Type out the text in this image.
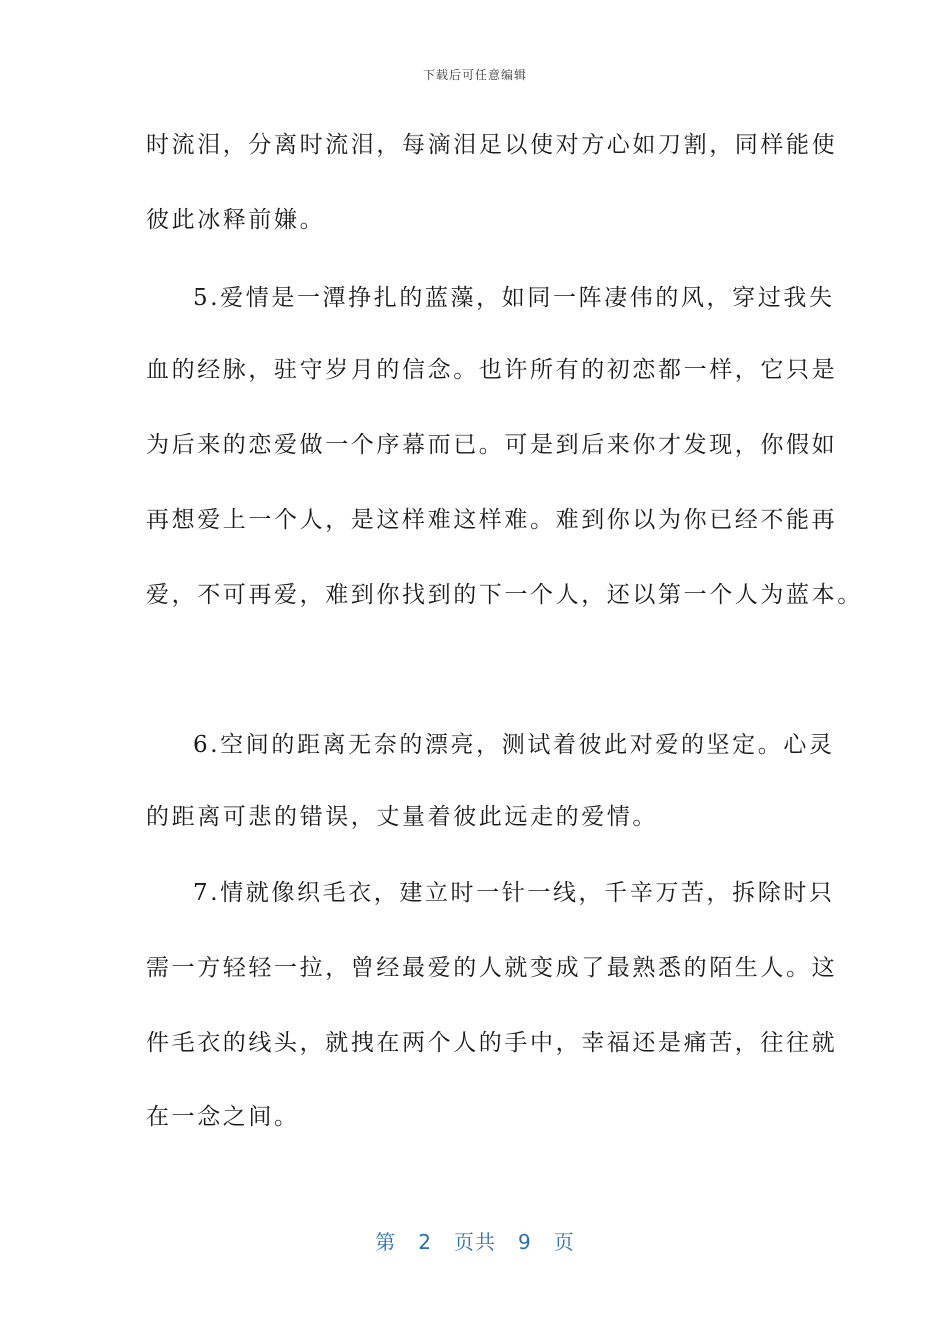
下载后可任意编辑
时流泪，分离时流泪，每滴泪足以使对方心如刀割，同样能使
彼此冰释前嫌。
5.爱情是一潭挣扎的蓝藻，如同一阵凄伟的风，穿过我失
血的经脉，驻守岁月的信念。也许所有的初恋都一样，它只是
为后来的恋爱做一个序幕而已。可是到后来你才发现，你假如
再想爱上一个人，是这样难这样难。难到你以为你已经不能再
爱，不可再爱，难到你找到的下一个人，还以第一个人为蓝本。
6.空间的距离无奈的漂亮，测试着彼此对爱的坚定。心灵
的距离可悲的错误，丈量着彼此远走的爱情。
7.情就像织毛衣，建立时一针一线，千辛万苦，拆除时只
需一方轻轻一拉，曾经最爱的人就变成了最熟悉的陌生人。这
件毛衣的线头，就拽在两个人的手中，幸福还是痛苦，往往就
在一念之间。
第 2 页共 9 页
